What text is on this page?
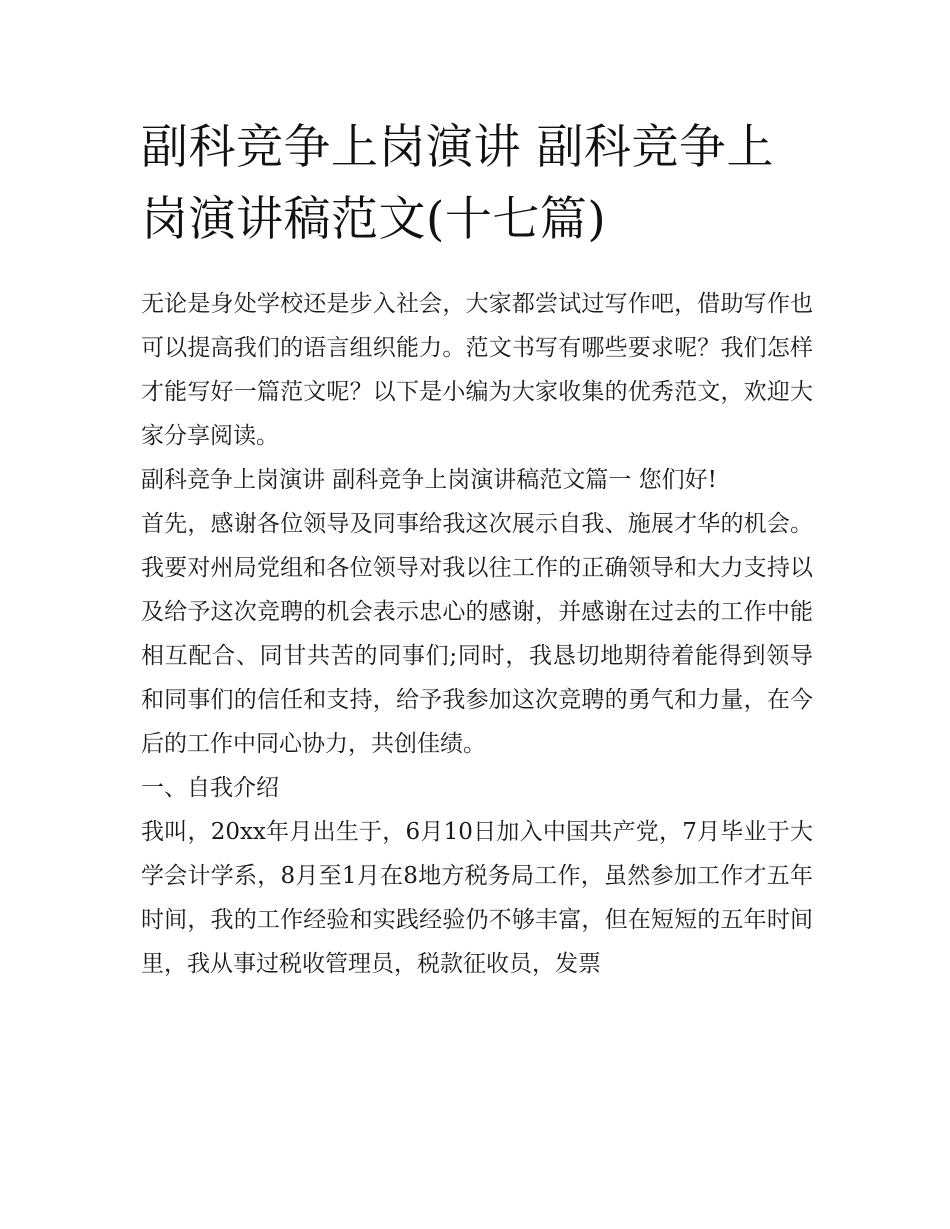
副科竞争上岗演讲 副科竞争上岗演讲稿范文(十七篇)

无论是身处学校还是步入社会，大家都尝试过写作吧，借助写作也可以提高我们的语言组织能力。范文书写有哪些要求呢？我们怎样才能写好一篇范文呢？以下是小编为大家收集的优秀范文，欢迎大家分享阅读。

副科竞争上岗演讲 副科竞争上岗演讲稿范文篇一 您们好!

首先，感谢各位领导及同事给我这次展示自我、施展才华的机会。我要对州局党组和各位领导对我以往工作的正确领导和大力支持以及给予这次竞聘的机会表示忠心的感谢，并感谢在过去的工作中能相互配合、同甘共苦的同事们;同时，我恳切地期待着能得到领导和同事们的信任和支持，给予我参加这次竞聘的勇气和力量，在今后的工作中同心协力，共创佳绩。

一、自我介绍

我叫，20xx年月出生于，6月10日加入中国共产党，7月毕业于大学会计学系，8月至1月在8地方税务局工作，虽然参加工作才五年时间，我的工作经验和实践经验仍不够丰富，但在短短的五年时间里，我从事过税收管理员，税款征收员，发票
